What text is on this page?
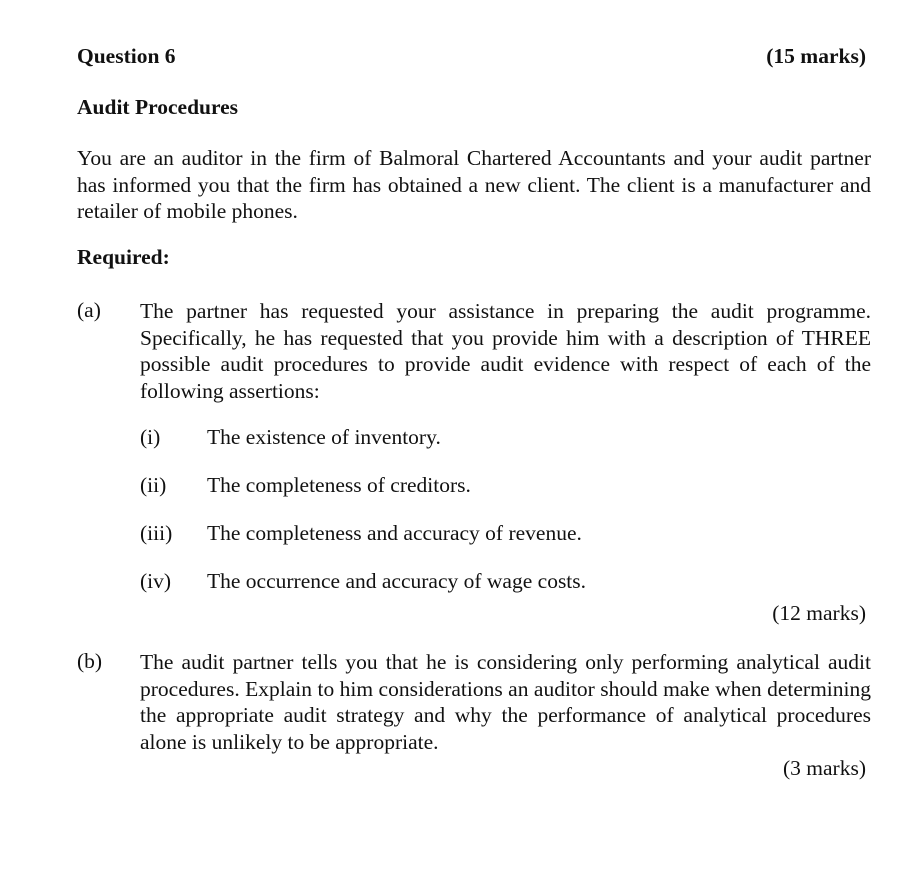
Question 6	(15 marks)
Audit Procedures
You are an auditor in the firm of Balmoral Chartered Accountants and your audit partner has informed you that the firm has obtained a new client. The client is a manufacturer and retailer of mobile phones.
Required:
(a) The partner has requested your assistance in preparing the audit programme. Specifically, he has requested that you provide him with a description of THREE possible audit procedures to provide audit evidence with respect of each of the following assertions:
(i) The existence of inventory.
(ii) The completeness of creditors.
(iii) The completeness and accuracy of revenue.
(iv) The occurrence and accuracy of wage costs.
(12 marks)
(b) The audit partner tells you that he is considering only performing analytical audit procedures. Explain to him considerations an auditor should make when determining the appropriate audit strategy and why the performance of analytical procedures alone is unlikely to be appropriate.
(3 marks)
